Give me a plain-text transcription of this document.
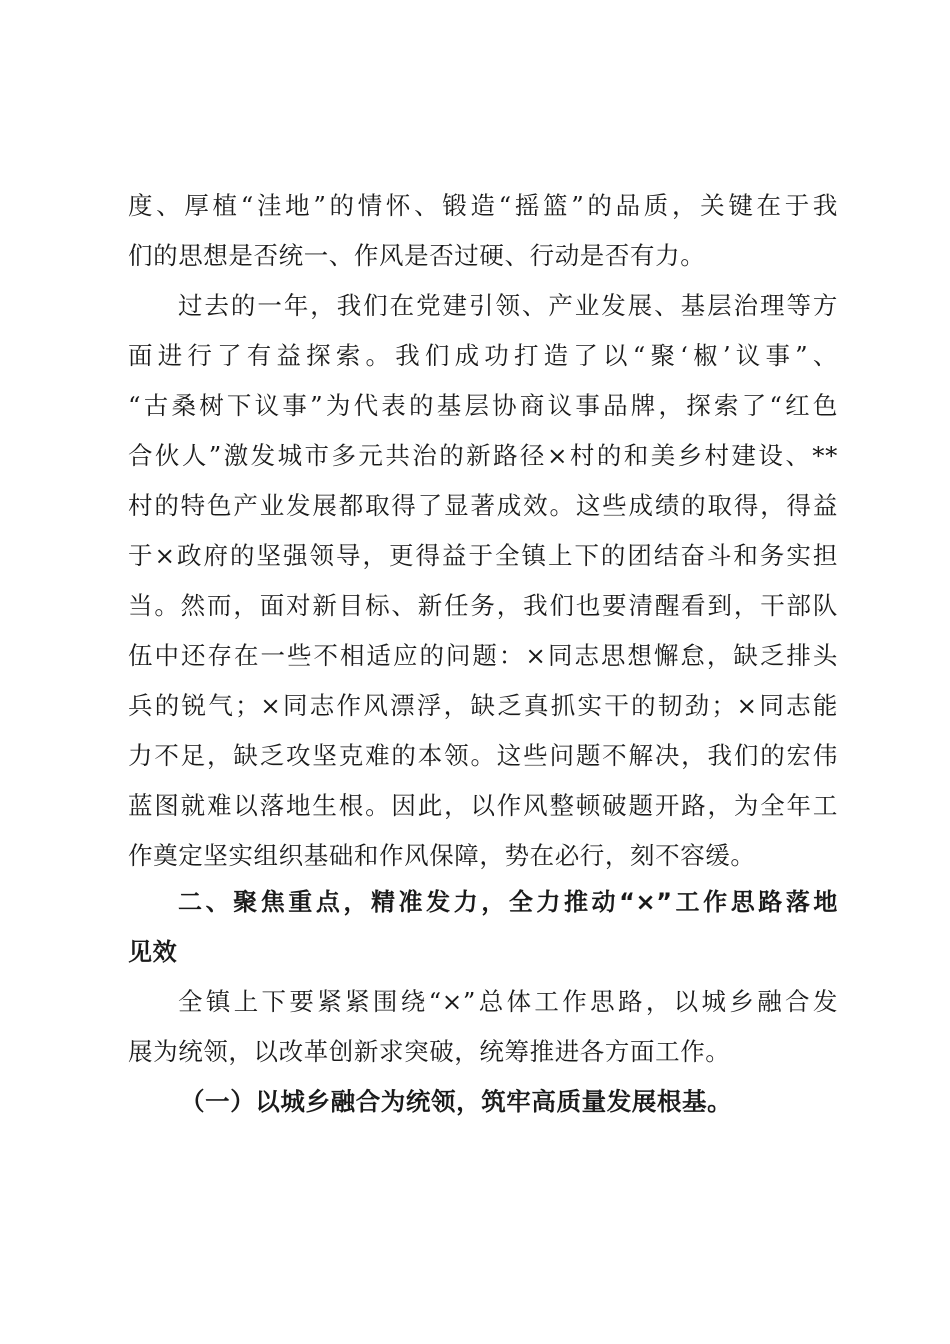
度、厚植“洼地”的情怀、锻造“摇篮”的品质，关键在于我
们的思想是否统一、作风是否过硬、行动是否有力。
过去的一年，我们在党建引领、产业发展、基层治理等方
面进行了有益探索。我们成功打造了以“聚‘椒’议事”、
“古桑树下议事”为代表的基层协商议事品牌，探索了“红色
合伙人”激发城市多元共治的新路径×村的和美乡村建设、**
村的特色产业发展都取得了显著成效。这些成绩的取得，得益
于×政府的坚强领导，更得益于全镇上下的团结奋斗和务实担
当。然而，面对新目标、新任务，我们也要清醒看到，干部队
伍中还存在一些不相适应的问题：×同志思想懈怠，缺乏排头
兵的锐气；×同志作风漂浮，缺乏真抓实干的韧劲；×同志能
力不足，缺乏攻坚克难的本领。这些问题不解决，我们的宏伟
蓝图就难以落地生根。因此，以作风整顿破题开路，为全年工
作奠定坚实组织基础和作风保障，势在必行，刻不容缓。
二、聚焦重点，精准发力，全力推动“×”工作思路落地
见效
全镇上下要紧紧围绕“×”总体工作思路，以城乡融合发
展为统领，以改革创新求突破，统筹推进各方面工作。
（一）以城乡融合为统领，筑牢高质量发展根基。
